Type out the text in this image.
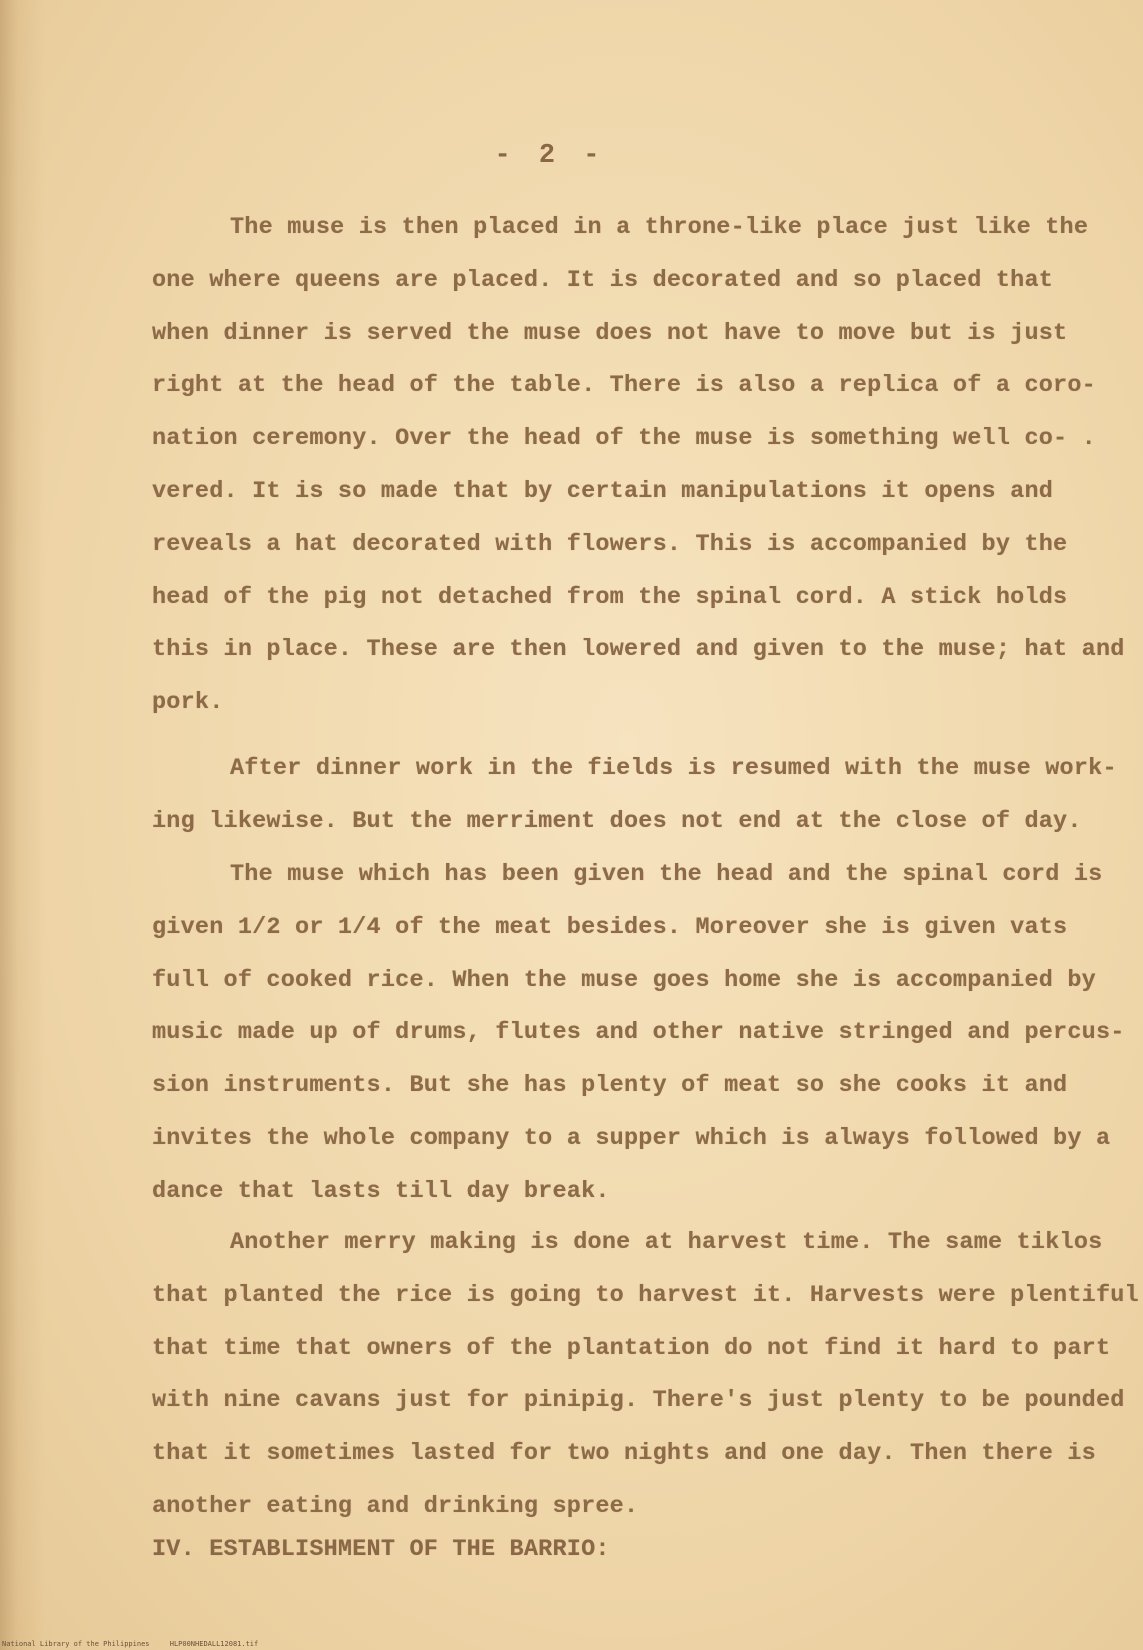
- 2 -
The muse is then placed in a throne-like place just like the
one where queens are placed. It is decorated and so placed that
when dinner is served the muse does not have to move but is just
right at the head of the table. There is also a replica of a coro-
nation ceremony. Over the head of the muse is something well co- .
vered. It is so made that by certain manipulations it opens and
reveals a hat decorated with flowers. This is accompanied by the
head of the pig not detached from the spinal cord. A stick holds
this in place. These are then lowered and given to the muse; hat and
pork.
After dinner work in the fields is resumed with the muse work-
ing likewise. But the merriment does not end at the close of day.
The muse which has been given the head and the spinal cord is
given 1/2 or 1/4 of the meat besides. Moreover she is given vats
full of cooked rice. When the muse goes home she is accompanied by
music made up of drums, flutes and other native stringed and percus-
sion instruments. But she has plenty of meat so she cooks it and
invites the whole company to a supper which is always followed by a
dance that lasts till day break.
Another merry making is done at harvest time. The same tiklos
that planted the rice is going to harvest it. Harvests were plentiful
that time that owners of the plantation do not find it hard to part
with nine cavans just for pinipig. There's just plenty to be pounded
that it sometimes lasted for two nights and one day. Then there is
another eating and drinking spree.
IV. ESTABLISHMENT OF THE BARRIO:
National Library of the Philippines	HLP00NHEDALL12081.tif
